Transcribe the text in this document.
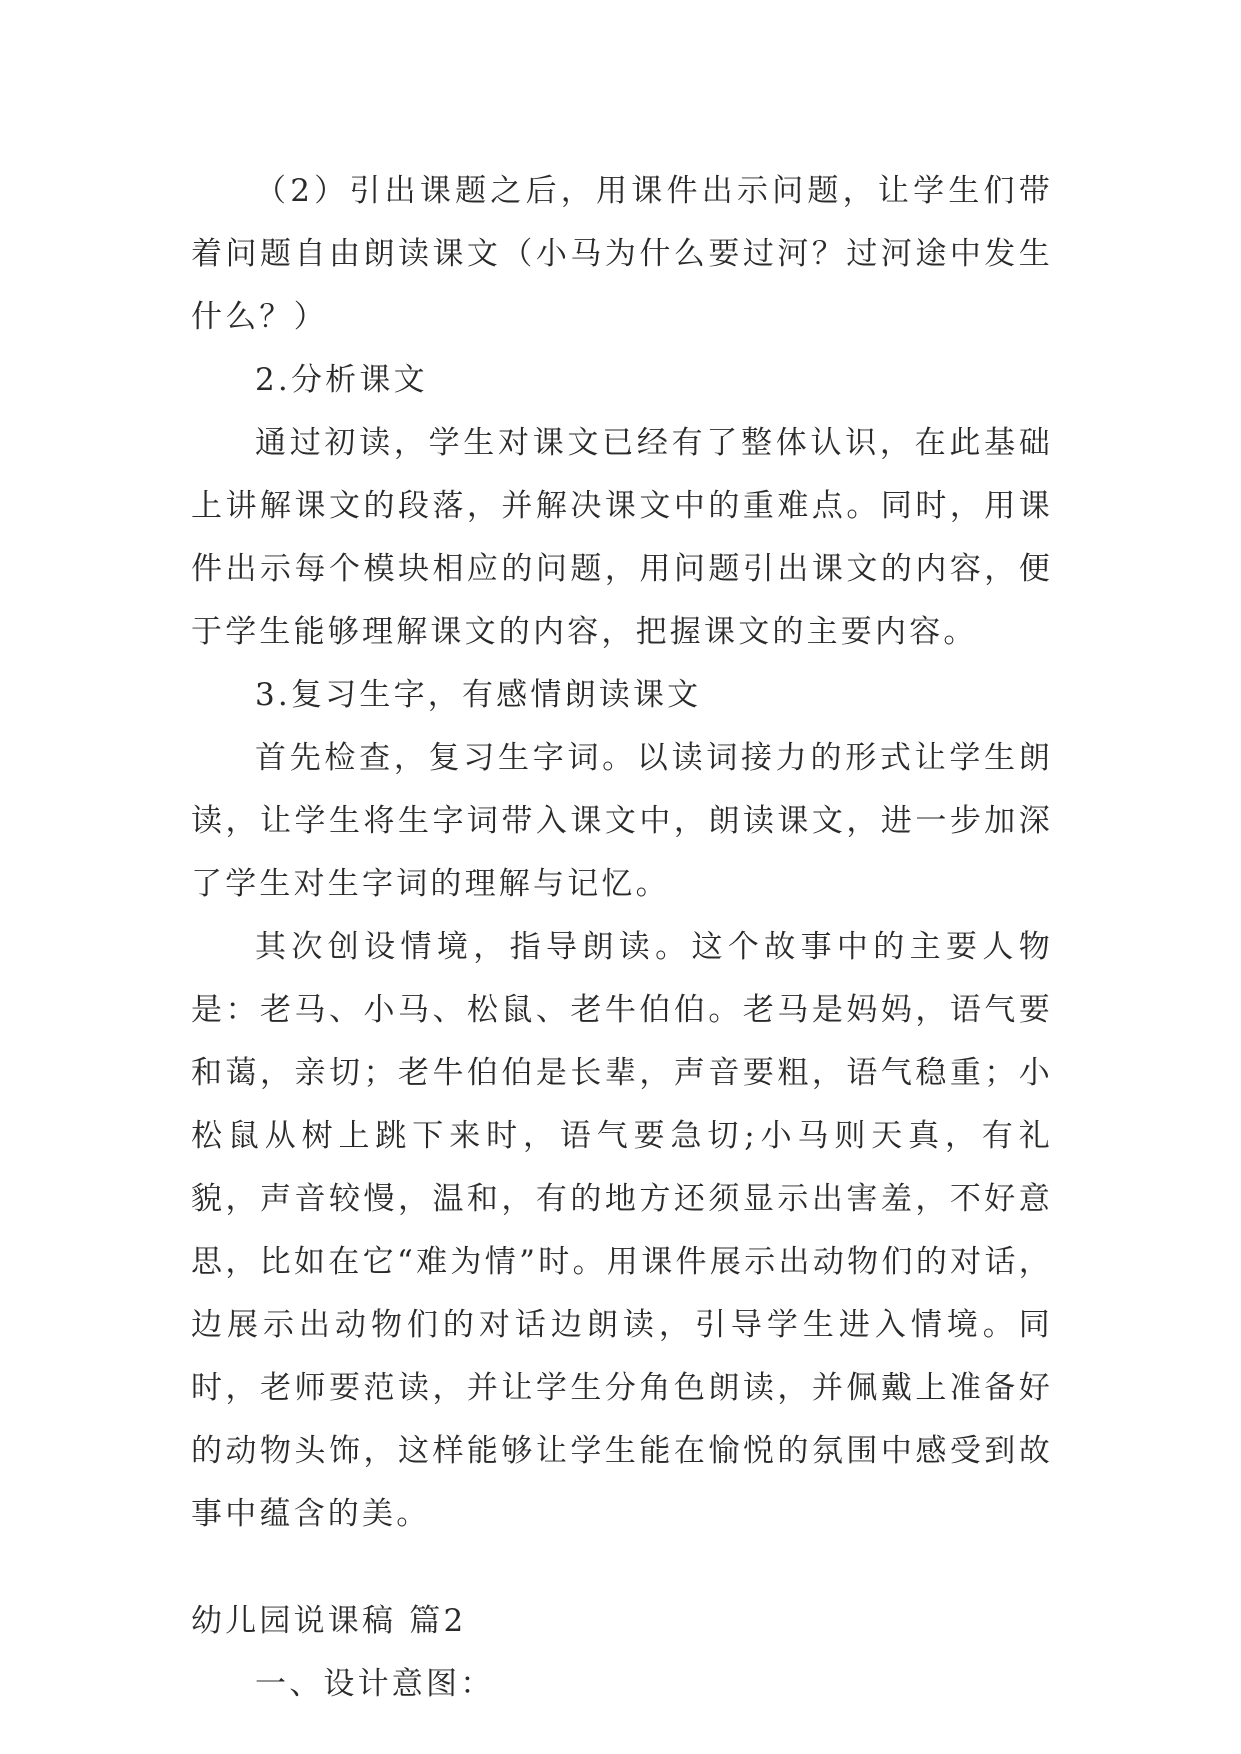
（2）引出课题之后，用课件出示问题，让学生们带着问题自由朗读课文（小马为什么要过河？过河途中发生什么？）

2.分析课文

通过初读，学生对课文已经有了整体认识，在此基础上讲解课文的段落，并解决课文中的重难点。同时，用课件出示每个模块相应的问题，用问题引出课文的内容，便于学生能够理解课文的内容，把握课文的主要内容。

3.复习生字，有感情朗读课文

首先检查，复习生字词。以读词接力的形式让学生朗读，让学生将生字词带入课文中，朗读课文，进一步加深了学生对生字词的理解与记忆。

其次创设情境，指导朗读。这个故事中的主要人物是：老马、小马、松鼠、老牛伯伯。老马是妈妈，语气要和蔼，亲切；老牛伯伯是长辈，声音要粗，语气稳重；小松鼠从树上跳下来时，语气要急切;小马则天真，有礼貌，声音较慢，温和，有的地方还须显示出害羞，不好意思，比如在它“难为情”时。用课件展示出动物们的对话，边展示出动物们的对话边朗读，引导学生进入情境。同时，老师要范读，并让学生分角色朗读，并佩戴上准备好的动物头饰，这样能够让学生能在愉悦的氛围中感受到故事中蕴含的美。

幼儿园说课稿 篇2

一、设计意图：
